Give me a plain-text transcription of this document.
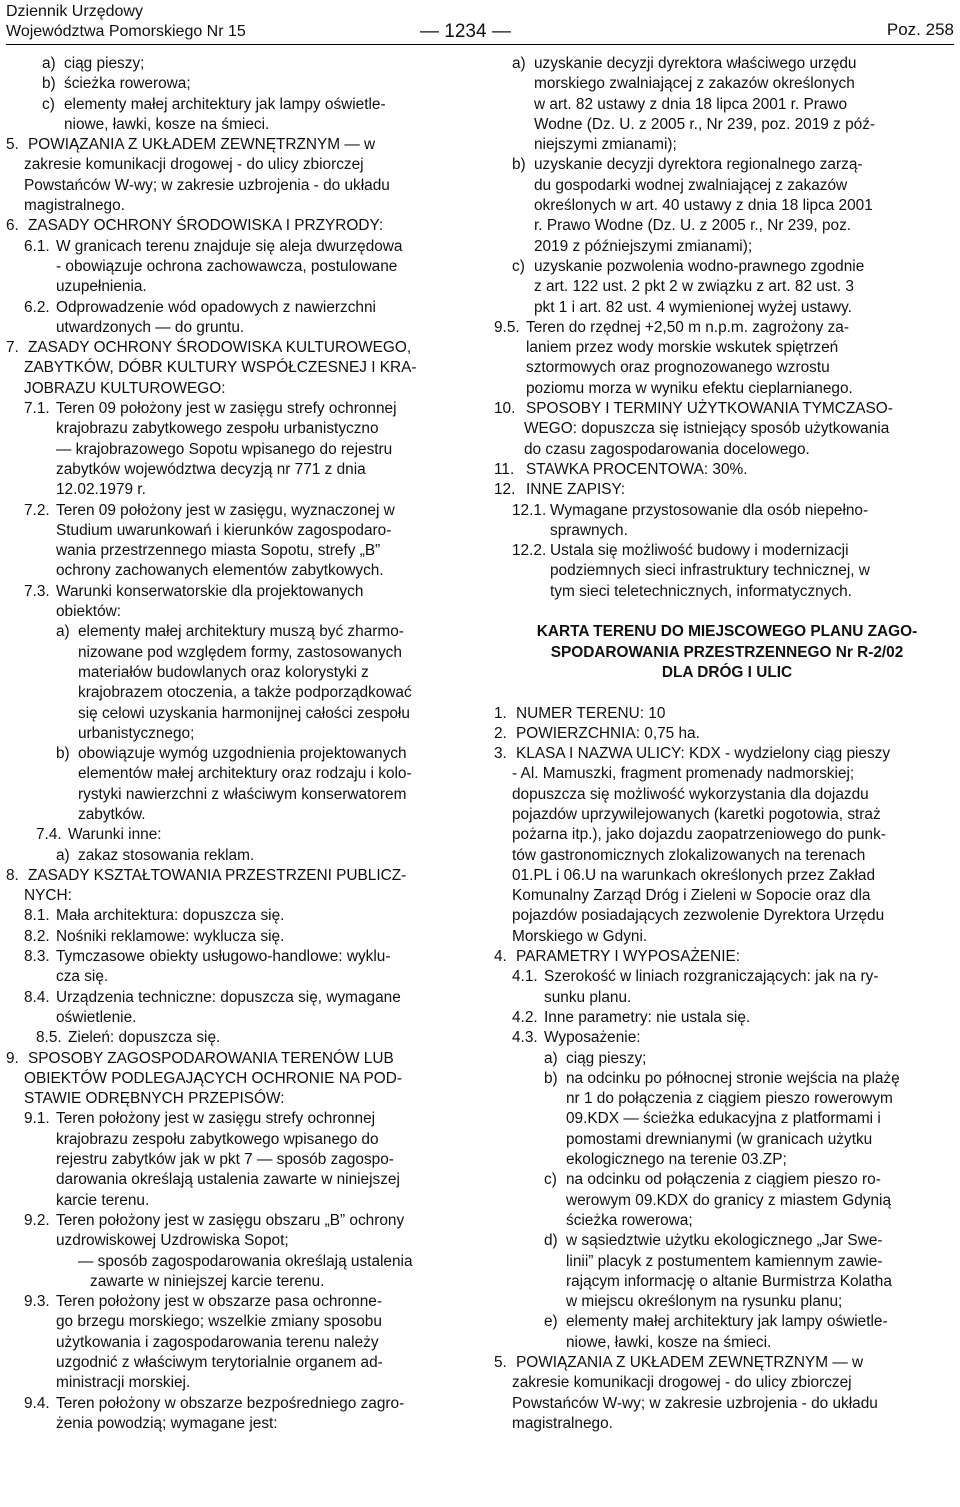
Dziennik Urzędowy
Województwa Pomorskiego Nr 15	— 1234 —	Poz. 258
a) ciąg pieszy;
b) ścieżka rowerowa;
c) elementy małej architektury jak lampy oświetle-
niowe, ławki, kosze na śmieci.
5. POWIĄZANIA Z UKŁADEM ZEWNĘTRZNYM — w
zakresie komunikacji drogowej - do ulicy zbiorczej
Powstańców W-wy; w zakresie uzbrojenia - do układu
magistralnego.
6. ZASADY OCHRONY ŚRODOWISKA I PRZYRODY:
6.1. W granicach terenu znajduje się aleja dwurzędowa
- obowiązuje ochrona zachowawcza, postulowane
uzupełnienia.
6.2. Odprowadzenie wód opadowych z nawierzchni
utwardzonych — do gruntu.
7. ZASADY OCHRONY ŚRODOWISKA KULTUROWEGO,
ZABYTKÓW, DÓBR KULTURY WSPÓŁCZESNEJ I KRA-
JOBRAZU KULTUROWEGO:
7.1. Teren 09 położony jest w zasięgu strefy ochronnej
krajobrazu zabytkowego zespołu urbanistyczno
— krajobrazowego Sopotu wpisanego do rejestru
zabytków województwa decyzją nr 771 z dnia
12.02.1979 r.
7.2. Teren 09 położony jest w zasięgu, wyznaczonej w
Studium uwarunkowań i kierunków zagospodaro-
wania przestrzennego miasta Sopotu, strefy „B”
ochrony zachowanych elementów zabytkowych.
7.3. Warunki konserwatorskie dla projektowanych
obiektów:
a) elementy małej architektury muszą być zharmo-
nizowane pod względem formy, zastosowanych
materiałów budowlanych oraz kolorystyki z
krajobrazem otoczenia, a także podporządkować
się celowi uzyskania harmonijnej całości zespołu
urbanistycznego;
b) obowiązuje wymóg uzgodnienia projektowanych
elementów małej architektury oraz rodzaju i kolo-
rystyki nawierzchni z właściwym konserwatorem
zabytków.
7.4. Warunki inne:
a) zakaz stosowania reklam.
8. ZASADY KSZTAŁTOWANIA PRZESTRZENI PUBLICZ-
NYCH:
8.1. Mała architektura: dopuszcza się.
8.2. Nośniki reklamowe: wyklucza się.
8.3. Tymczasowe obiekty usługowo-handlowe: wyklu-
cza się.
8.4. Urządzenia techniczne: dopuszcza się, wymagane
oświetlenie.
8.5. Zieleń: dopuszcza się.
9. SPOSOBY ZAGOSPODAROWANIA TERENÓW LUB
OBIEKTÓW PODLEGAJĄCYCH OCHRONIE NA POD-
STAWIE ODRĘBNYCH PRZEPISÓW:
9.1. Teren położony jest w zasięgu strefy ochronnej
krajobrazu zespołu zabytkowego wpisanego do
rejestru zabytków jak w pkt 7 — sposób zagospo-
darowania określają ustalenia zawarte w niniejszej
karcie terenu.
9.2. Teren położony jest w zasięgu obszaru „B” ochrony
uzdrowiskowej Uzdrowiska Sopot;
— sposób zagospodarowania określają ustalenia
zawarte w niniejszej karcie terenu.
9.3. Teren położony jest w obszarze pasa ochronne-
go brzegu morskiego; wszelkie zmiany sposobu
użytkowania i zagospodarowania terenu należy
uzgodnić z właściwym terytorialnie organem ad-
ministracji morskiej.
9.4. Teren położony w obszarze bezpośredniego zagro-
żenia powodzią; wymagane jest:
a) uzyskanie decyzji dyrektora właściwego urzędu
morskiego zwalniającej z zakazów określonych
w art. 82 ustawy z dnia 18 lipca 2001 r. Prawo
Wodne (Dz. U. z 2005 r., Nr 239, poz. 2019 z póź-
niejszymi zmianami);
b) uzyskanie decyzji dyrektora regionalnego zarzą-
du gospodarki wodnej zwalniającej z zakazów
określonych w art. 40 ustawy z dnia 18 lipca 2001
r. Prawo Wodne (Dz. U. z 2005 r., Nr 239, poz.
2019 z późniejszymi zmianami);
c) uzyskanie pozwolenia wodno-prawnego zgodnie
z art. 122 ust. 2 pkt 2 w związku z art. 82 ust. 3
pkt 1 i art. 82 ust. 4 wymienionej wyżej ustawy.
9.5. Teren do rzędnej +2,50 m n.p.m. zagrożony za-
laniem przez wody morskie wskutek spiętrzeń
sztormowych oraz prognozowanego wzrostu
poziomu morza w wyniku efektu cieplarnianego.
10. SPOSOBY I TERMINY UŻYTKOWANIA TYMCZASO-
WEGO: dopuszcza się istniejący sposób użytkowania
do czasu zagospodarowania docelowego.
11. STAWKA PROCENTOWA: 30%.
12. INNE ZAPISY:
12.1. Wymagane przystosowanie dla osób niepełno-
sprawnych.
12.2. Ustala się możliwość budowy i modernizacji
podziemnych sieci infrastruktury technicznej, w
tym sieci teletechnicznych, informatycznych.
KARTA TERENU DO MIEJSCOWEGO PLANU ZAGO-
SPODAROWANIA PRZESTRZENNEGO Nr R-2/02
DLA DRÓG I ULIC
1. NUMER TERENU: 10
2. POWIERZCHNIA: 0,75 ha.
3. KLASA I NAZWA ULICY: KDX - wydzielony ciąg pieszy
- Al. Mamuszki, fragment promenady nadmorskiej;
dopuszcza się możliwość wykorzystania dla dojazdu
pojazdów uprzywilejowanych (karetki pogotowia, straż
pożarna itp.), jako dojazdu zaopatrzeniowego do punk-
tów gastronomicznych zlokalizowanych na terenach
01.PL i 06.U na warunkach określonych przez Zakład
Komunalny Zarząd Dróg i Zieleni w Sopocie oraz dla
pojazdów posiadających zezwolenie Dyrektora Urzędu
Morskiego w Gdyni.
4. PARAMETRY I WYPOSAŻENIE:
4.1. Szerokość w liniach rozgraniczających: jak na ry-
sunku planu.
4.2. Inne parametry: nie ustala się.
4.3. Wyposażenie:
a) ciąg pieszy;
b) na odcinku po północnej stronie wejścia na plażę
nr 1 do połączenia z ciągiem pieszo rowerowym
09.KDX — ścieżka edukacyjna z platformami i
pomostami drewnianymi (w granicach użytku
ekologicznego na terenie 03.ZP;
c) na odcinku od połączenia z ciągiem pieszo ro-
werowym 09.KDX do granicy z miastem Gdynią
ścieżka rowerowa;
d) w sąsiedztwie użytku ekologicznego „Jar Swe-
linii” placyk z postumentem kamiennym zawie-
rającym informację o altanie Burmistrza Kolatha
w miejscu określonym na rysunku planu;
e) elementy małej architektury jak lampy oświetle-
niowe, ławki, kosze na śmieci.
5. POWIĄZANIA Z UKŁADEM ZEWNĘTRZNYM — w
zakresie komunikacji drogowej - do ulicy zbiorczej
Powstańców W-wy; w zakresie uzbrojenia - do układu
magistralnego.
